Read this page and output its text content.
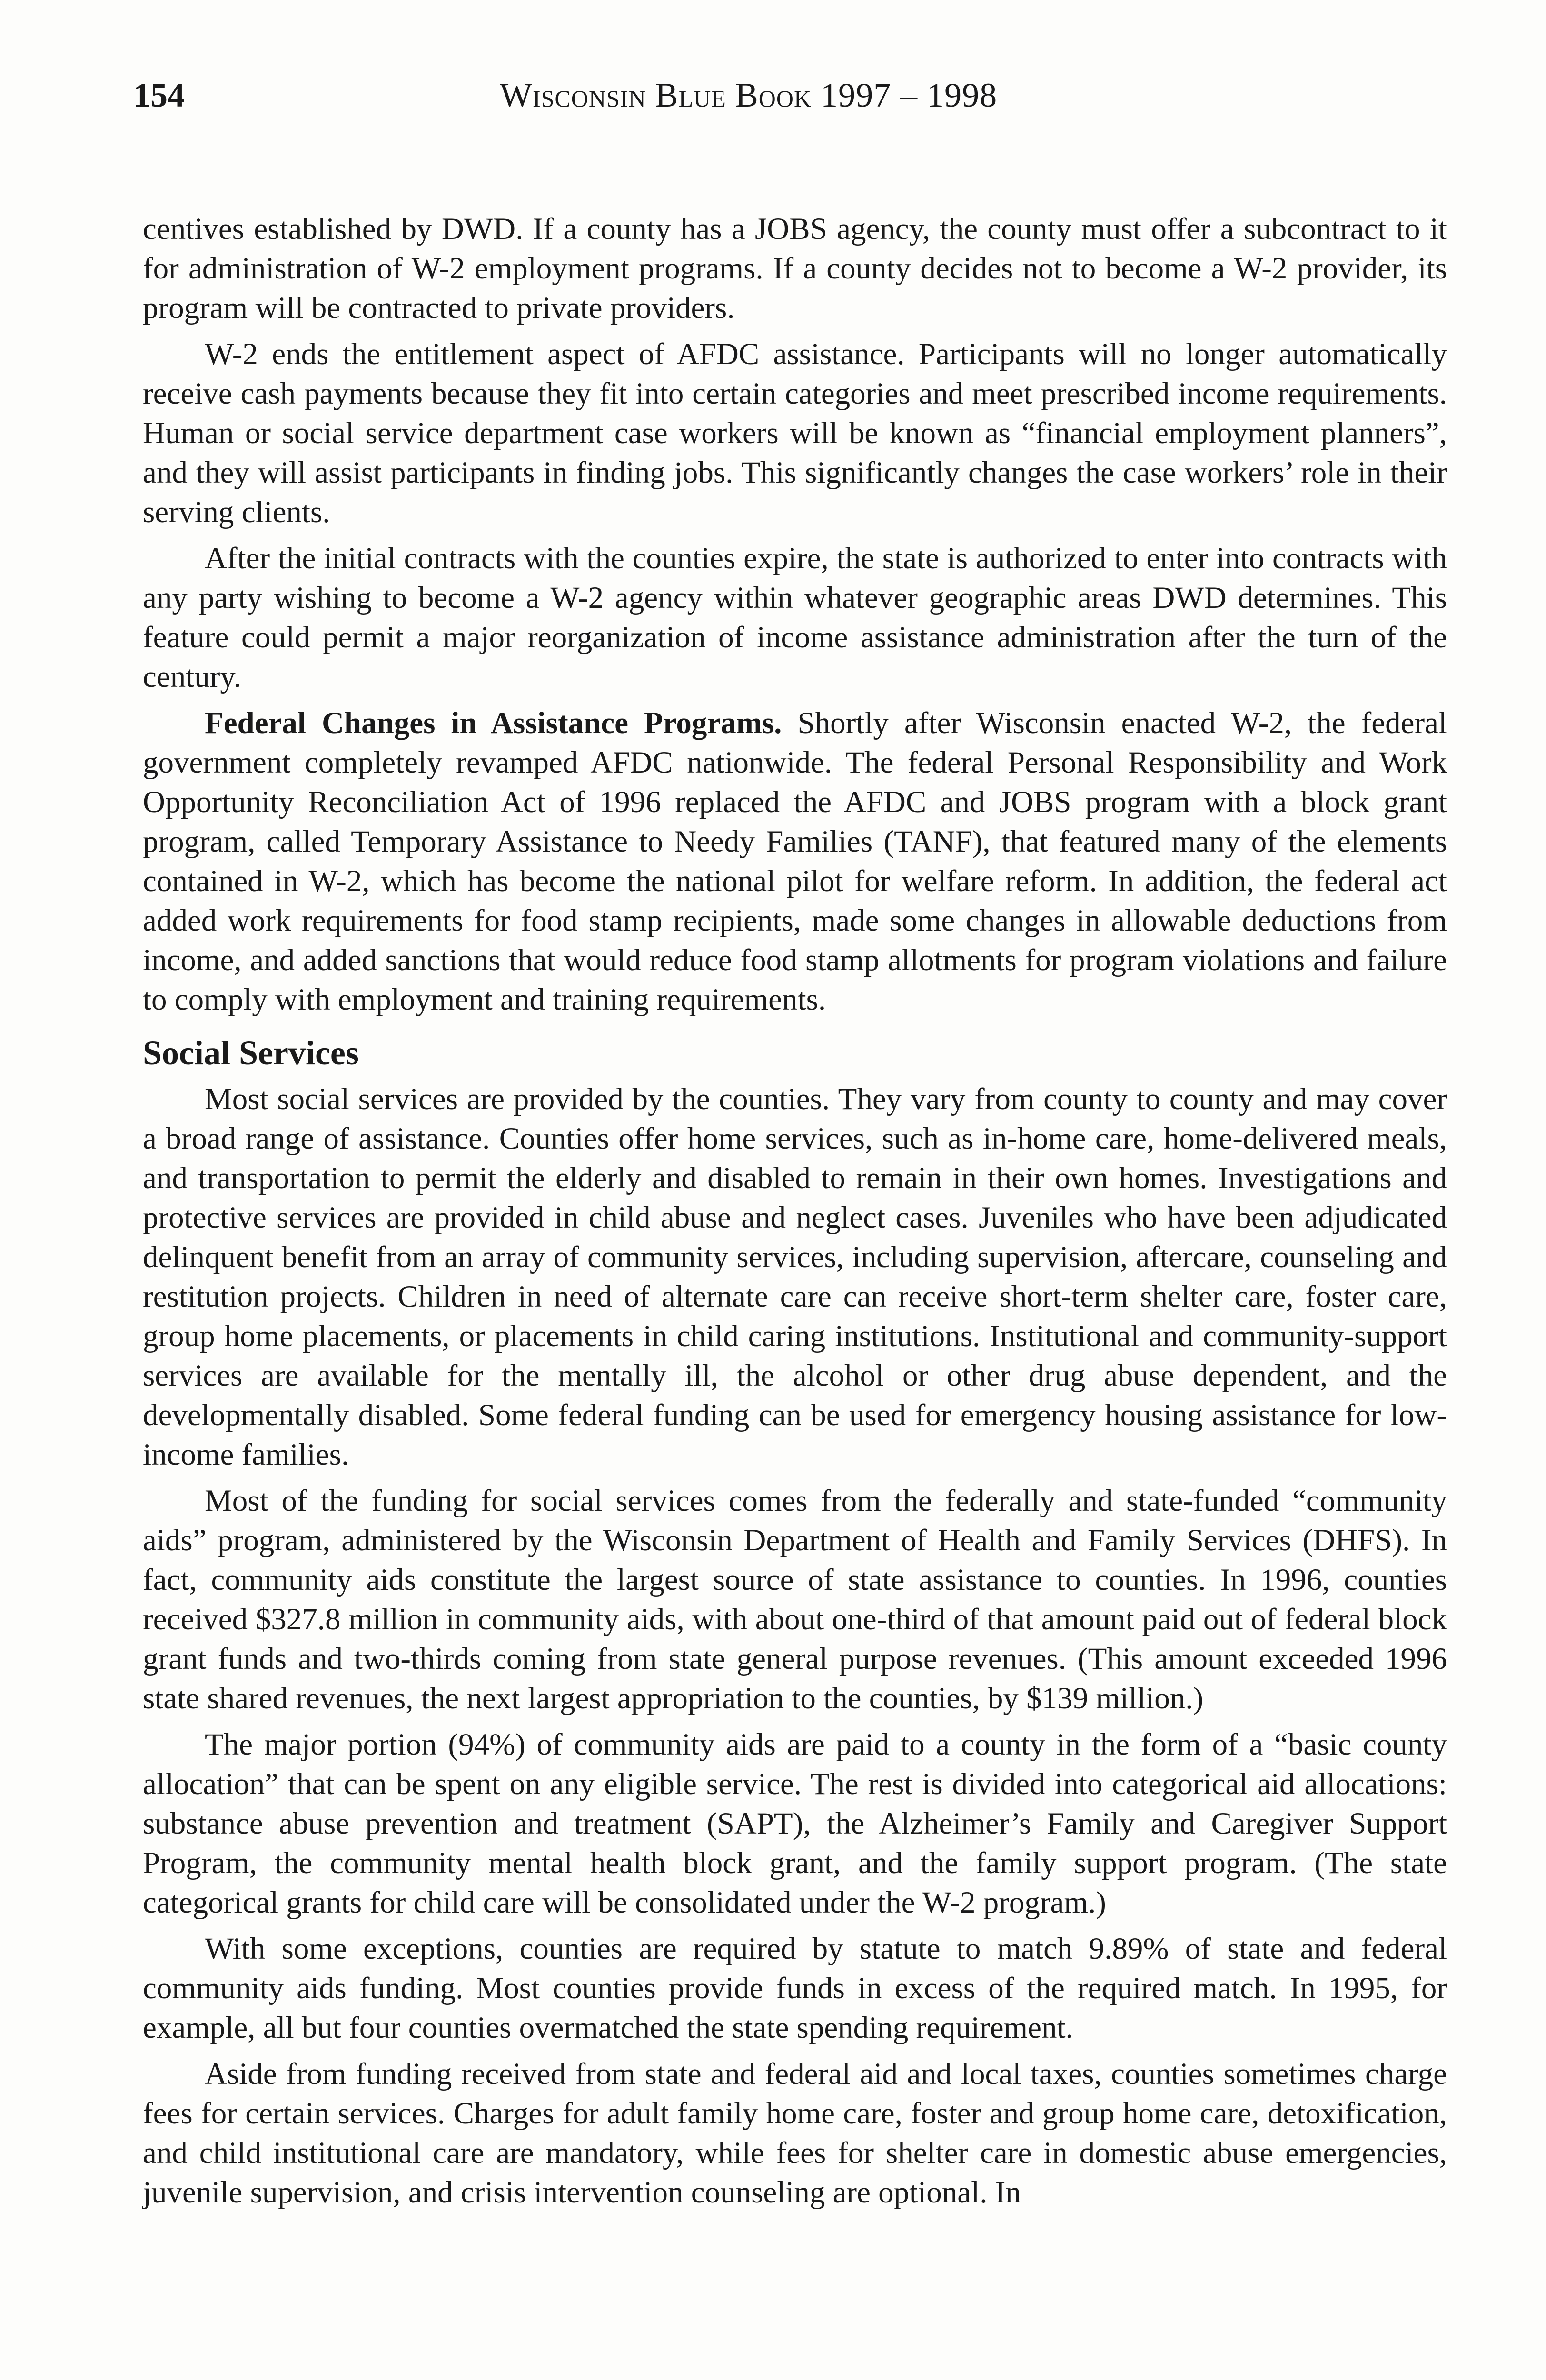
154	Wisconsin Blue Book 1997 – 1998

centives established by DWD. If a county has a JOBS agency, the county must offer a subcontract to it for administration of W-2 employment programs. If a county decides not to become a W-2 provider, its program will be contracted to private providers.

W-2 ends the entitlement aspect of AFDC assistance. Participants will no longer automatically receive cash payments because they fit into certain categories and meet prescribed income requirements. Human or social service department case workers will be known as “financial employment planners”, and they will assist participants in finding jobs. This significantly changes the case workers’ role in their serving clients.

After the initial contracts with the counties expire, the state is authorized to enter into contracts with any party wishing to become a W-2 agency within whatever geographic areas DWD determines. This feature could permit a major reorganization of income assistance administration after the turn of the century.

Federal Changes in Assistance Programs. Shortly after Wisconsin enacted W-2, the federal government completely revamped AFDC nationwide. The federal Personal Responsibility and Work Opportunity Reconciliation Act of 1996 replaced the AFDC and JOBS program with a block grant program, called Temporary Assistance to Needy Families (TANF), that featured many of the elements contained in W-2, which has become the national pilot for welfare reform. In addition, the federal act added work requirements for food stamp recipients, made some changes in allowable deductions from income, and added sanctions that would reduce food stamp allotments for program violations and failure to comply with employment and training requirements.

Social Services

Most social services are provided by the counties. They vary from county to county and may cover a broad range of assistance. Counties offer home services, such as in-home care, home-delivered meals, and transportation to permit the elderly and disabled to remain in their own homes. Investigations and protective services are provided in child abuse and neglect cases. Juveniles who have been adjudicated delinquent benefit from an array of community services, including supervision, aftercare, counseling and restitution projects. Children in need of alternate care can receive short-term shelter care, foster care, group home placements, or placements in child caring institutions. Institutional and community-support services are available for the mentally ill, the alcohol or other drug abuse dependent, and the developmentally disabled. Some federal funding can be used for emergency housing assistance for low-income families.

Most of the funding for social services comes from the federally and state-funded “community aids” program, administered by the Wisconsin Department of Health and Family Services (DHFS). In fact, community aids constitute the largest source of state assistance to counties. In 1996, counties received $327.8 million in community aids, with about one-third of that amount paid out of federal block grant funds and two-thirds coming from state general purpose revenues. (This amount exceeded 1996 state shared revenues, the next largest appropriation to the counties, by $139 million.)

The major portion (94%) of community aids are paid to a county in the form of a “basic county allocation” that can be spent on any eligible service. The rest is divided into categorical aid allocations: substance abuse prevention and treatment (SAPT), the Alzheimer’s Family and Caregiver Support Program, the community mental health block grant, and the family support program. (The state categorical grants for child care will be consolidated under the W-2 program.)

With some exceptions, counties are required by statute to match 9.89% of state and federal community aids funding. Most counties provide funds in excess of the required match. In 1995, for example, all but four counties overmatched the state spending requirement.

Aside from funding received from state and federal aid and local taxes, counties sometimes charge fees for certain services. Charges for adult family home care, foster and group home care, detoxification, and child institutional care are mandatory, while fees for shelter care in domestic abuse emergencies, juvenile supervision, and crisis intervention counseling are optional. In
